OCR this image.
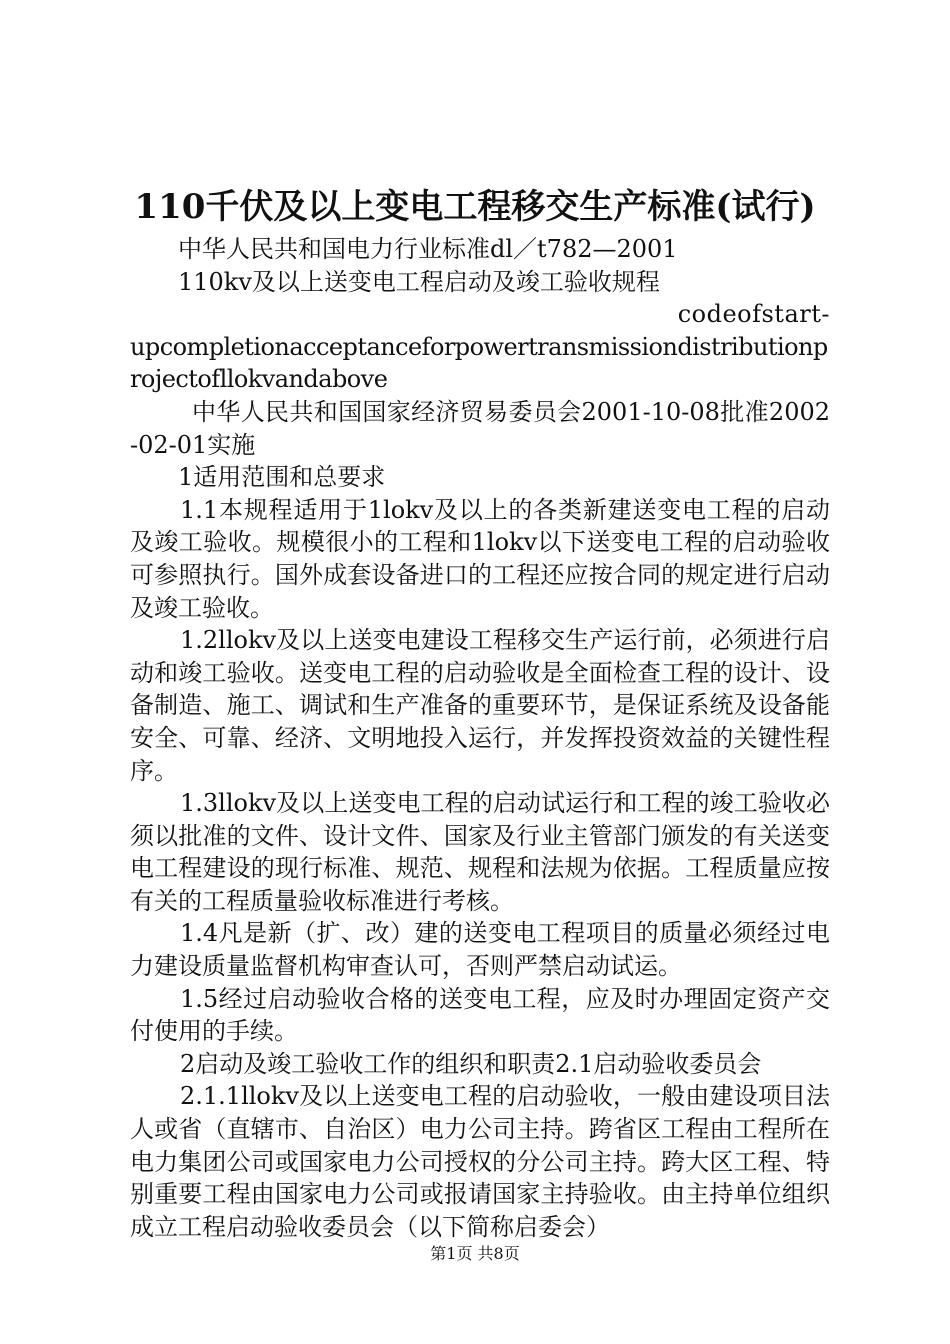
110千伏及以上变电工程移交生产标准(试行)

中华人民共和国电力行业标准dl／t782—2001

110kv及以上送变电工程启动及竣工验收规程

codeofstart-

upcompletionacceptanceforpowertransmissiondistributionprojectofllokvandabove

中华人民共和国国家经济贸易委员会2001-10-08批准2002-02-01实施

1适用范围和总要求

1.1本规程适用于1lokv及以上的各类新建送变电工程的启动及竣工验收。规模很小的工程和1lokv以下送变电工程的启动验收可参照执行。国外成套设备进口的工程还应按合同的规定进行启动及竣工验收。

1.2llokv及以上送变电建设工程移交生产运行前，必须进行启动和竣工验收。送变电工程的启动验收是全面检查工程的设计、设备制造、施工、调试和生产准备的重要环节，是保证系统及设备能安全、可靠、经济、文明地投入运行，并发挥投资效益的关键性程序。

1.3llokv及以上送变电工程的启动试运行和工程的竣工验收必须以批准的文件、设计文件、国家及行业主管部门颁发的有关送变电工程建设的现行标准、规范、规程和法规为依据。工程质量应按有关的工程质量验收标准进行考核。

1.4凡是新（扩、改）建的送变电工程项目的质量必须经过电力建设质量监督机构审查认可，否则严禁启动试运。

1.5经过启动验收合格的送变电工程，应及时办理固定资产交付使用的手续。

2启动及竣工验收工作的组织和职责2.1启动验收委员会

2.1.1llokv及以上送变电工程的启动验收，一般由建设项目法人或省（直辖市、自治区）电力公司主持。跨省区工程由工程所在电力集团公司或国家电力公司授权的分公司主持。跨大区工程、特别重要工程由国家电力公司或报请国家主持验收。由主持单位组织成立工程启动验收委员会（以下简称启委会）

第1页 共8页
